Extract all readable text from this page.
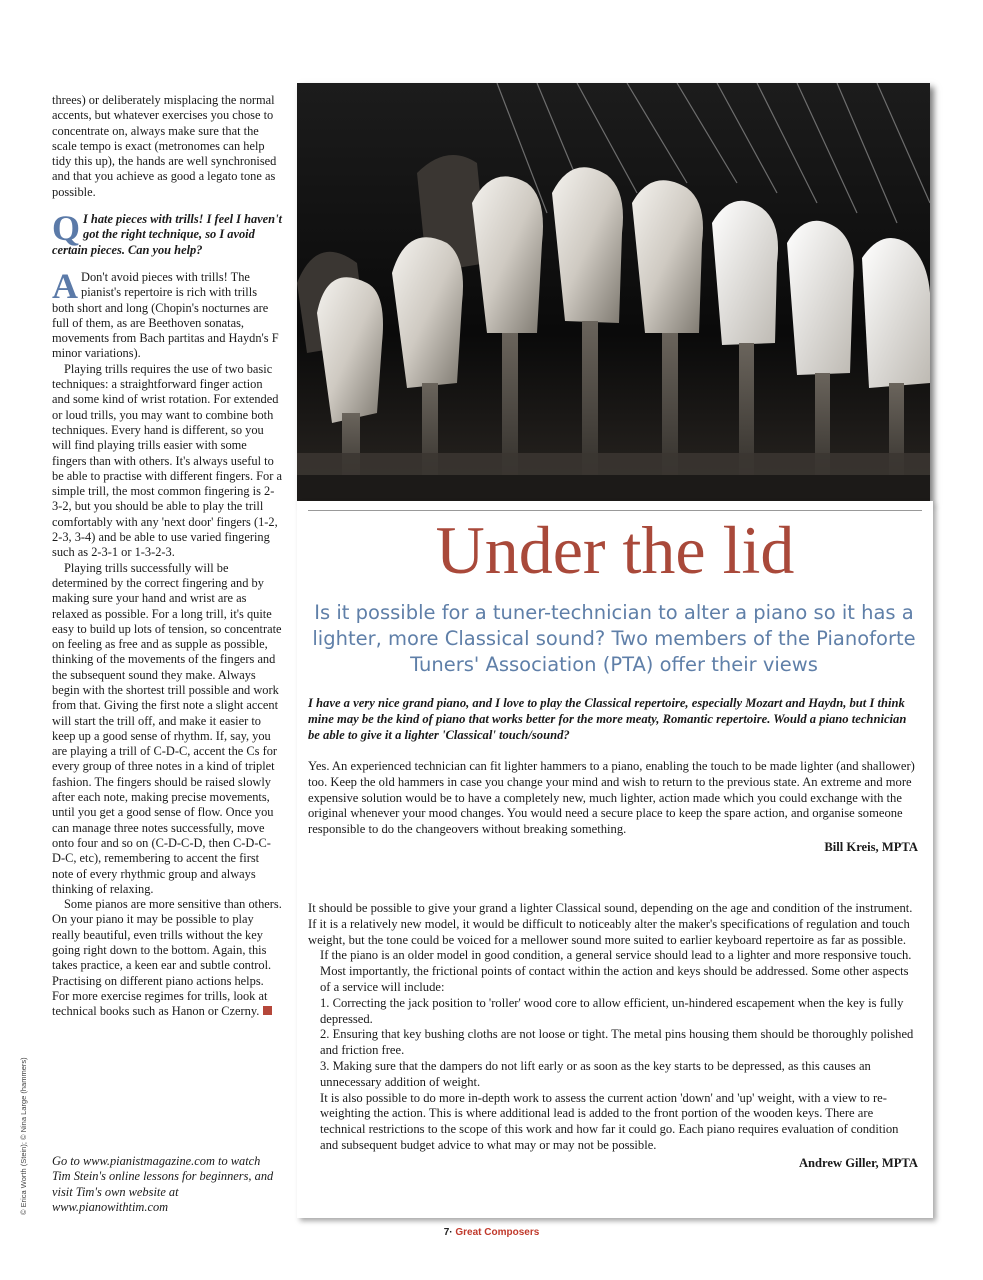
threes) or deliberately misplacing the normal accents, but whatever exercises you chose to concentrate on, always make sure that the scale tempo is exact (metronomes can help tidy this up), the hands are well synchronised and that you achieve as good a legato tone as possible.

Q I hate pieces with trills! I feel I haven't got the right technique, so I avoid certain pieces. Can you help?

A Don't avoid pieces with trills! The pianist's repertoire is rich with trills both short and long (Chopin's nocturnes are full of them, as are Beethoven sonatas, movements from Bach partitas and Haydn's F minor variations).

Playing trills requires the use of two basic techniques: a straightforward finger action and some kind of wrist rotation. For extended or loud trills, you may want to combine both techniques. Every hand is different, so you will find playing trills easier with some fingers than with others. It's always useful to be able to practise with different fingers. For a simple trill, the most common fingering is 2-3-2, but you should be able to play the trill comfortably with any 'next door' fingers (1-2, 2-3, 3-4) and be able to use varied fingering such as 2-3-1 or 1-3-2-3.

Playing trills successfully will be determined by the correct fingering and by making sure your hand and wrist are as relaxed as possible. For a long trill, it's quite easy to build up lots of tension, so concentrate on feeling as free and as supple as possible, thinking of the movements of the fingers and the subsequent sound they make. Always begin with the shortest trill possible and work from that. Giving the first note a slight accent will start the trill off, and make it easier to keep up a good sense of rhythm. If, say, you are playing a trill of C-D-C, accent the Cs for every group of three notes in a kind of triplet fashion. The fingers should be raised slowly after each note, making precise movements, until you get a good sense of flow. Once you can manage three notes successfully, move onto four and so on (C-D-C-D, then C-D-C-D-C, etc), remembering to accent the first note of every rhythmic group and always thinking of relaxing.

Some pianos are more sensitive than others. On your piano it may be possible to play really beautiful, even trills without the key going right down to the bottom. Again, this takes practice, a keen ear and subtle control. Practising on different piano actions helps. For more exercise regimes for trills, look at technical books such as Hanon or Czerny.

Go to www.pianistmagazine.com to watch Tim Stein's online lessons for beginners, and visit Tim's own website at www.pianowithtim.com
© Erica Worth (Stein); © Nina Large (hammers)
Under the lid
Is it possible for a tuner-technician to alter a piano so it has a lighter, more Classical sound? Two members of the Pianoforte Tuners' Association (PTA) offer their views
I have a very nice grand piano, and I love to play the Classical repertoire, especially Mozart and Haydn, but I think mine may be the kind of piano that works better for the more meaty, Romantic repertoire. Would a piano technician be able to give it a lighter 'Classical' touch/sound?
Yes. An experienced technician can fit lighter hammers to a piano, enabling the touch to be made lighter (and shallower) too. Keep the old hammers in case you change your mind and wish to return to the previous state. An extreme and more expensive solution would be to have a completely new, much lighter, action made which you could exchange with the original whenever your mood changes. You would need a secure place to keep the spare action, and organise someone responsible to do the changeovers without breaking something.
Bill Kreis, MPTA

It should be possible to give your grand a lighter Classical sound, depending on the age and condition of the instrument. If it is a relatively new model, it would be difficult to noticeably alter the maker's specifications of regulation and touch weight, but the tone could be voiced for a mellower sound more suited to earlier keyboard repertoire as far as possible.

If the piano is an older model in good condition, a general service should lead to a lighter and more responsive touch. Most importantly, the frictional points of contact within the action and keys should be addressed. Some other aspects of a service will include:

1. Correcting the jack position to 'roller' wood core to allow efficient, un-hindered escapement when the key is fully depressed.

2. Ensuring that key bushing cloths are not loose or tight. The metal pins housing them should be thoroughly polished and friction free.

3. Making sure that the dampers do not lift early or as soon as the key starts to be depressed, as this causes an unnecessary addition of weight.

It is also possible to do more in-depth work to assess the current action 'down' and 'up' weight, with a view to re-weighting the action. This is where additional lead is added to the front portion of the wooden keys. There are technical restrictions to the scope of this work and how far it could go. Each piano requires evaluation of condition and subsequent budget advice to what may or may not be possible.

Andrew Giller, MPTA
7· Great Composers
